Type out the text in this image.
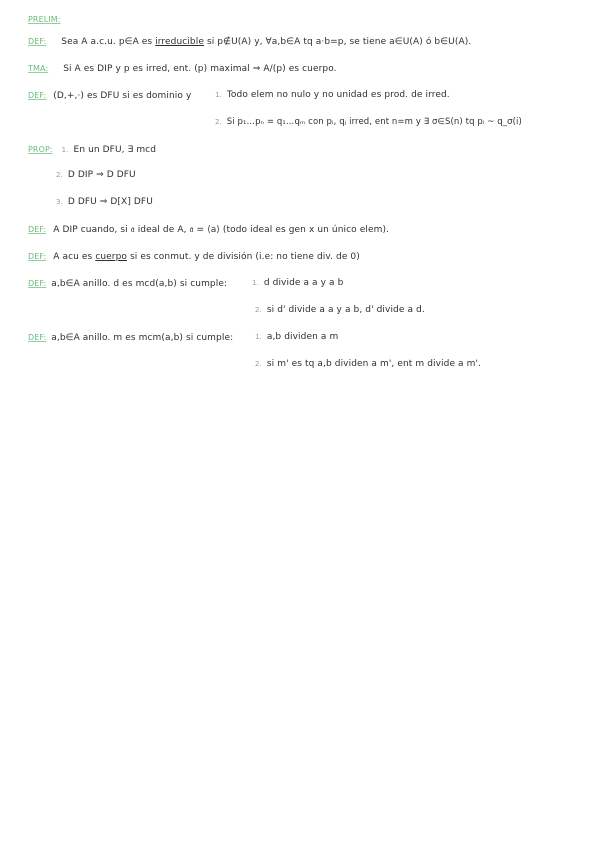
PRELIM:
DEF: Sea A a.c.u. p∈A es irreducible si p∉U(A) y, ∀a,b∈A tq a·b=p, se tiene a∈U(A) ó b∈U(A).
TMA: Si A es DIP y p es irred, ent. (p) maximal ⇒ A/(p) es cuerpo.
DEF: (D,+,·) es DFU si es dominio y	1. Todo elem no nulo y no unidad es prod. de irred.
2. Si p₁…pₙ = q₁…qₘ con pᵢ, qⱼ irred, ent n=m y ∃ σ∈S(n) tq pᵢ ~ q_σ(i)
PROP: 1. En un DFU, ∃ mcd
2. D DIP ⇒ D DFU
3. D DFU ⇒ D[X] DFU
DEF: A DIP cuando, si 𝔞 ideal de A, 𝔞 = ⟨a⟩ (todo ideal es gen x un único elem).
DEF: A acu es cuerpo si es conmut. y de división (i.e: no tiene div. de 0)
DEF: a,b∈A anillo. d es mcd(a,b) si cumple:	1. d divide a a y a b
2. si d' divide a a y a b, d' divide a d.
DEF: a,b∈A anillo. m es mcm(a,b) si cumple:	1. a,b dividen a m
2. si m' es tq a,b dividen a m', ent m divide a m'.
